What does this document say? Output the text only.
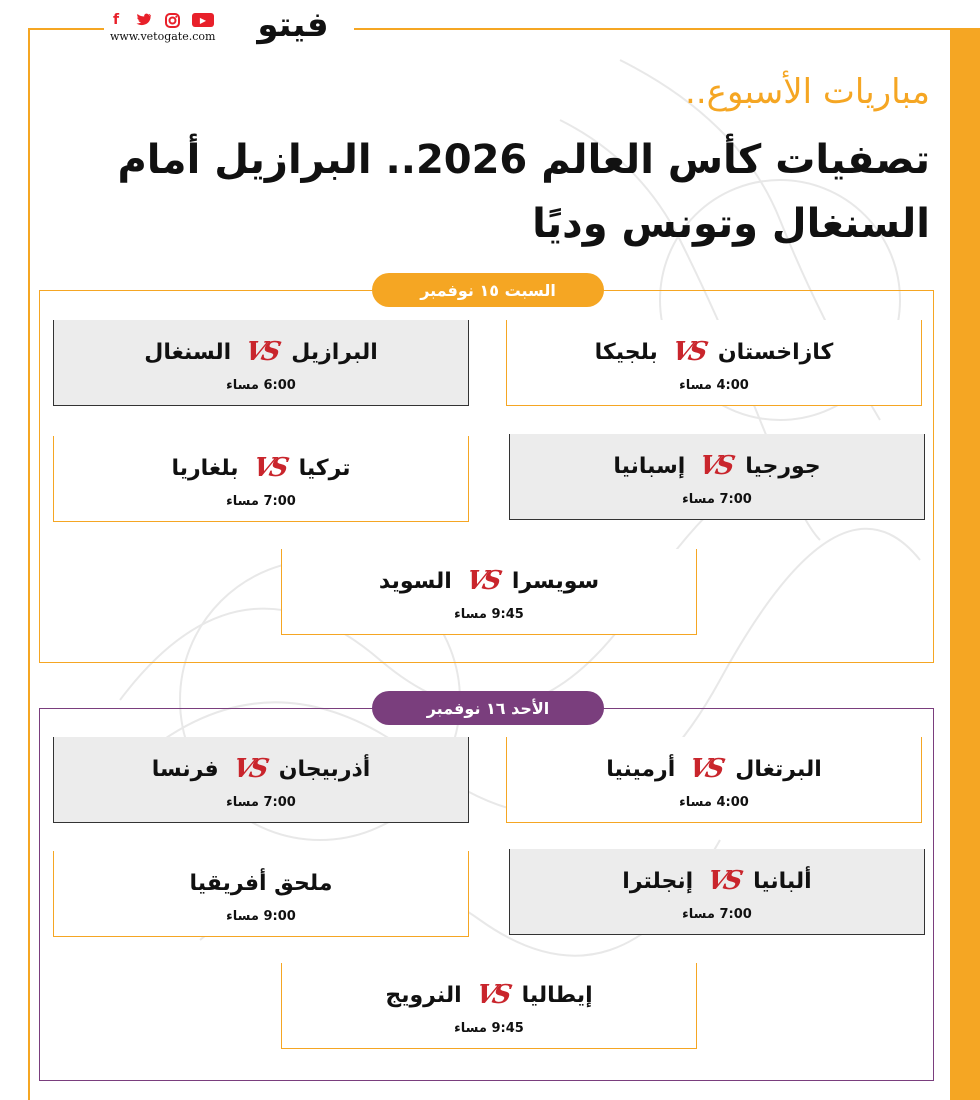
f	▶
www.vetogate.com	فيتو
مباريات الأسبوع..
تصفيات كأس العالم 2026.. البرازيل أمام السنغال وتونس وديًا
السبت ١٥ نوفمبر
كازاخستان
VS
بلجيكا
4:00 مساء
البرازيل
VS
السنغال
6:00 مساء
جورجيا
VS
إسبانيا
7:00 مساء
تركيا
VS
بلغاريا
7:00 مساء
سويسرا
VS
السويد
9:45 مساء
الأحد ١٦ نوفمبر
البرتغال
VS
أرمينيا
4:00 مساء
أذربيجان
VS
فرنسا
7:00 مساء
ألبانيا
VS
إنجلترا
7:00 مساء
ملحق أفريقيا
9:00 مساء
إيطاليا
VS
النرويج
9:45 مساء
